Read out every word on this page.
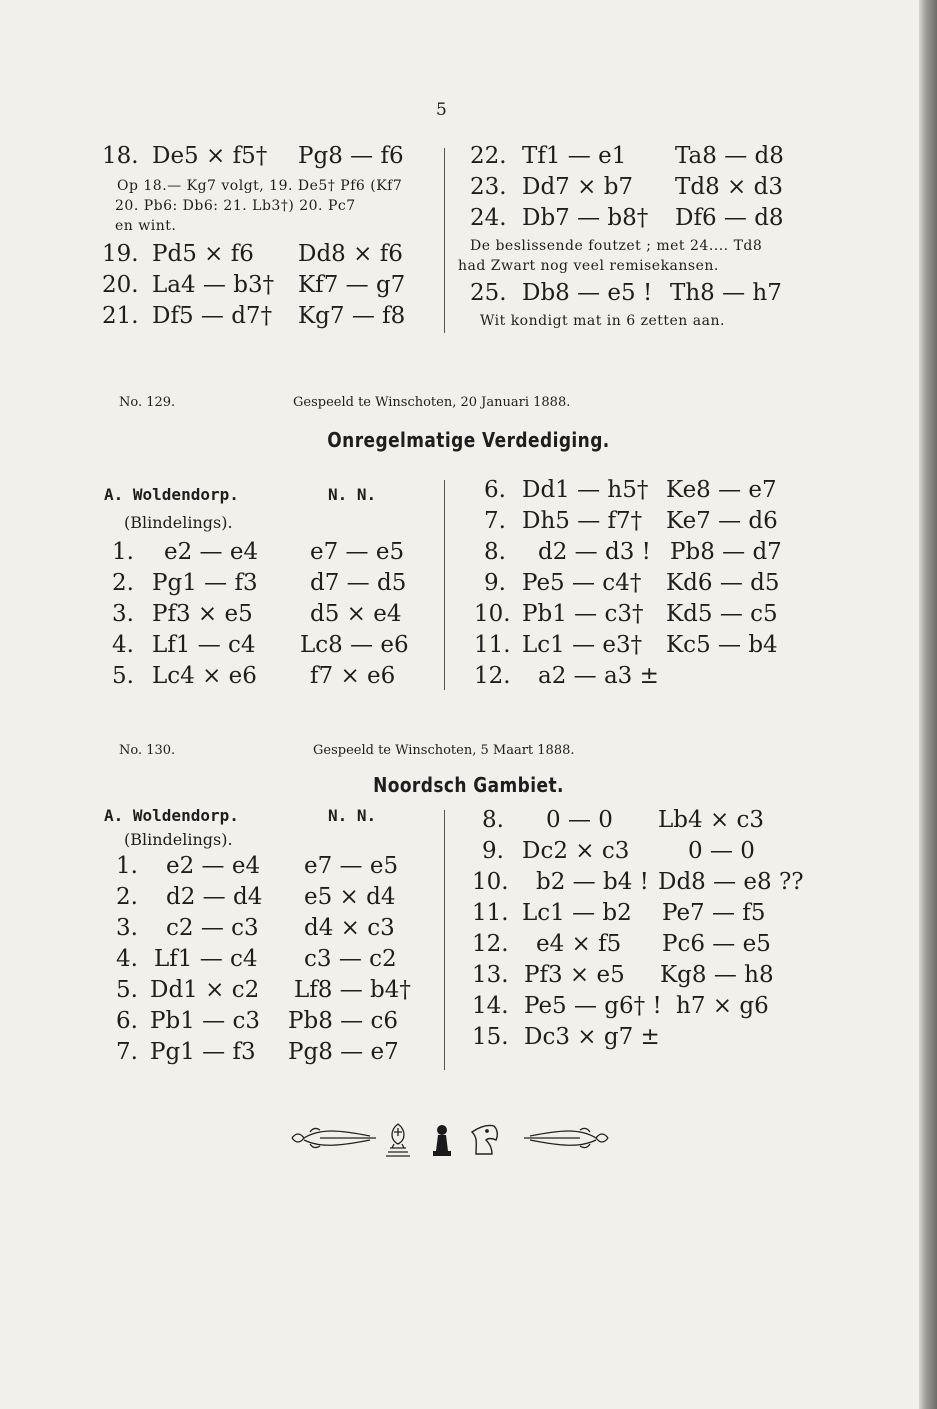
5
18. De5 × f5† Pg8 — f6
Op 18.— Kg7 volgt, 19. De5† Pf6 (Kf7
20. Pb6: Db6: 21. Lb3†) 20. Pc7
en wint.
19. Pd5 × f6 Dd8 × f6
20. La4 — b3† Kf7 — g7
21. Df5 — d7† Kg7 — f8
22. Tf1 — e1 Ta8 — d8
23. Dd7 × b7 Td8 × d3
24. Db7 — b8† Df6 — d8
De beslissende foutzet ; met 24.... Td8
had Zwart nog veel remisekansen.
25. Db8 — e5 ! Th8 — h7
Wit kondigt mat in 6 zetten aan.
No. 129.	Gespeeld te Winschoten, 20 Januari 1888.
Onregelmatige Verdediging.
A. Woldendorp.	N. N.
(Blindelings).
1. e2 — e4 e7 — e5
2. Pg1 — f3 d7 — d5
3. Pf3 × e5 d5 × e4
4. Lf1 — c4 Lc8 — e6
5. Lc4 × e6 f7 × e6
6. Dd1 — h5† Ke8 — e7
7. Dh5 — f7† Ke7 — d6
8. d2 — d3 ! Pb8 — d7
9. Pe5 — c4† Kd6 — d5
10. Pb1 — c3† Kd5 — c5
11. Lc1 — e3† Kc5 — b4
12. a2 — a3 ±
No. 130.	Gespeeld te Winschoten, 5 Maart 1888.
Noordsch Gambiet.
A. Woldendorp.	N. N.
(Blindelings).
1. e2 — e4 e7 — e5
2. d2 — d4 e5 × d4
3. c2 — c3 d4 × c3
4. Lf1 — c4 c3 — c2
5. Dd1 × c2 Lf8 — b4†
6. Pb1 — c3 Pb8 — c6
7. Pg1 — f3 Pg8 — e7
8. 0 — 0 Lb4 × c3
9. Dc2 × c3	0 — 0
10. b2 — b4 ! Dd8 — e8 ??
11. Lc1 — b2 Pe7 — f5
12. e4 × f5 Pc6 — e5
13. Pf3 × e5 Kg8 — h8
14. Pe5 — g6† ! h7 × g6
15. Dc3 × g7 ±
